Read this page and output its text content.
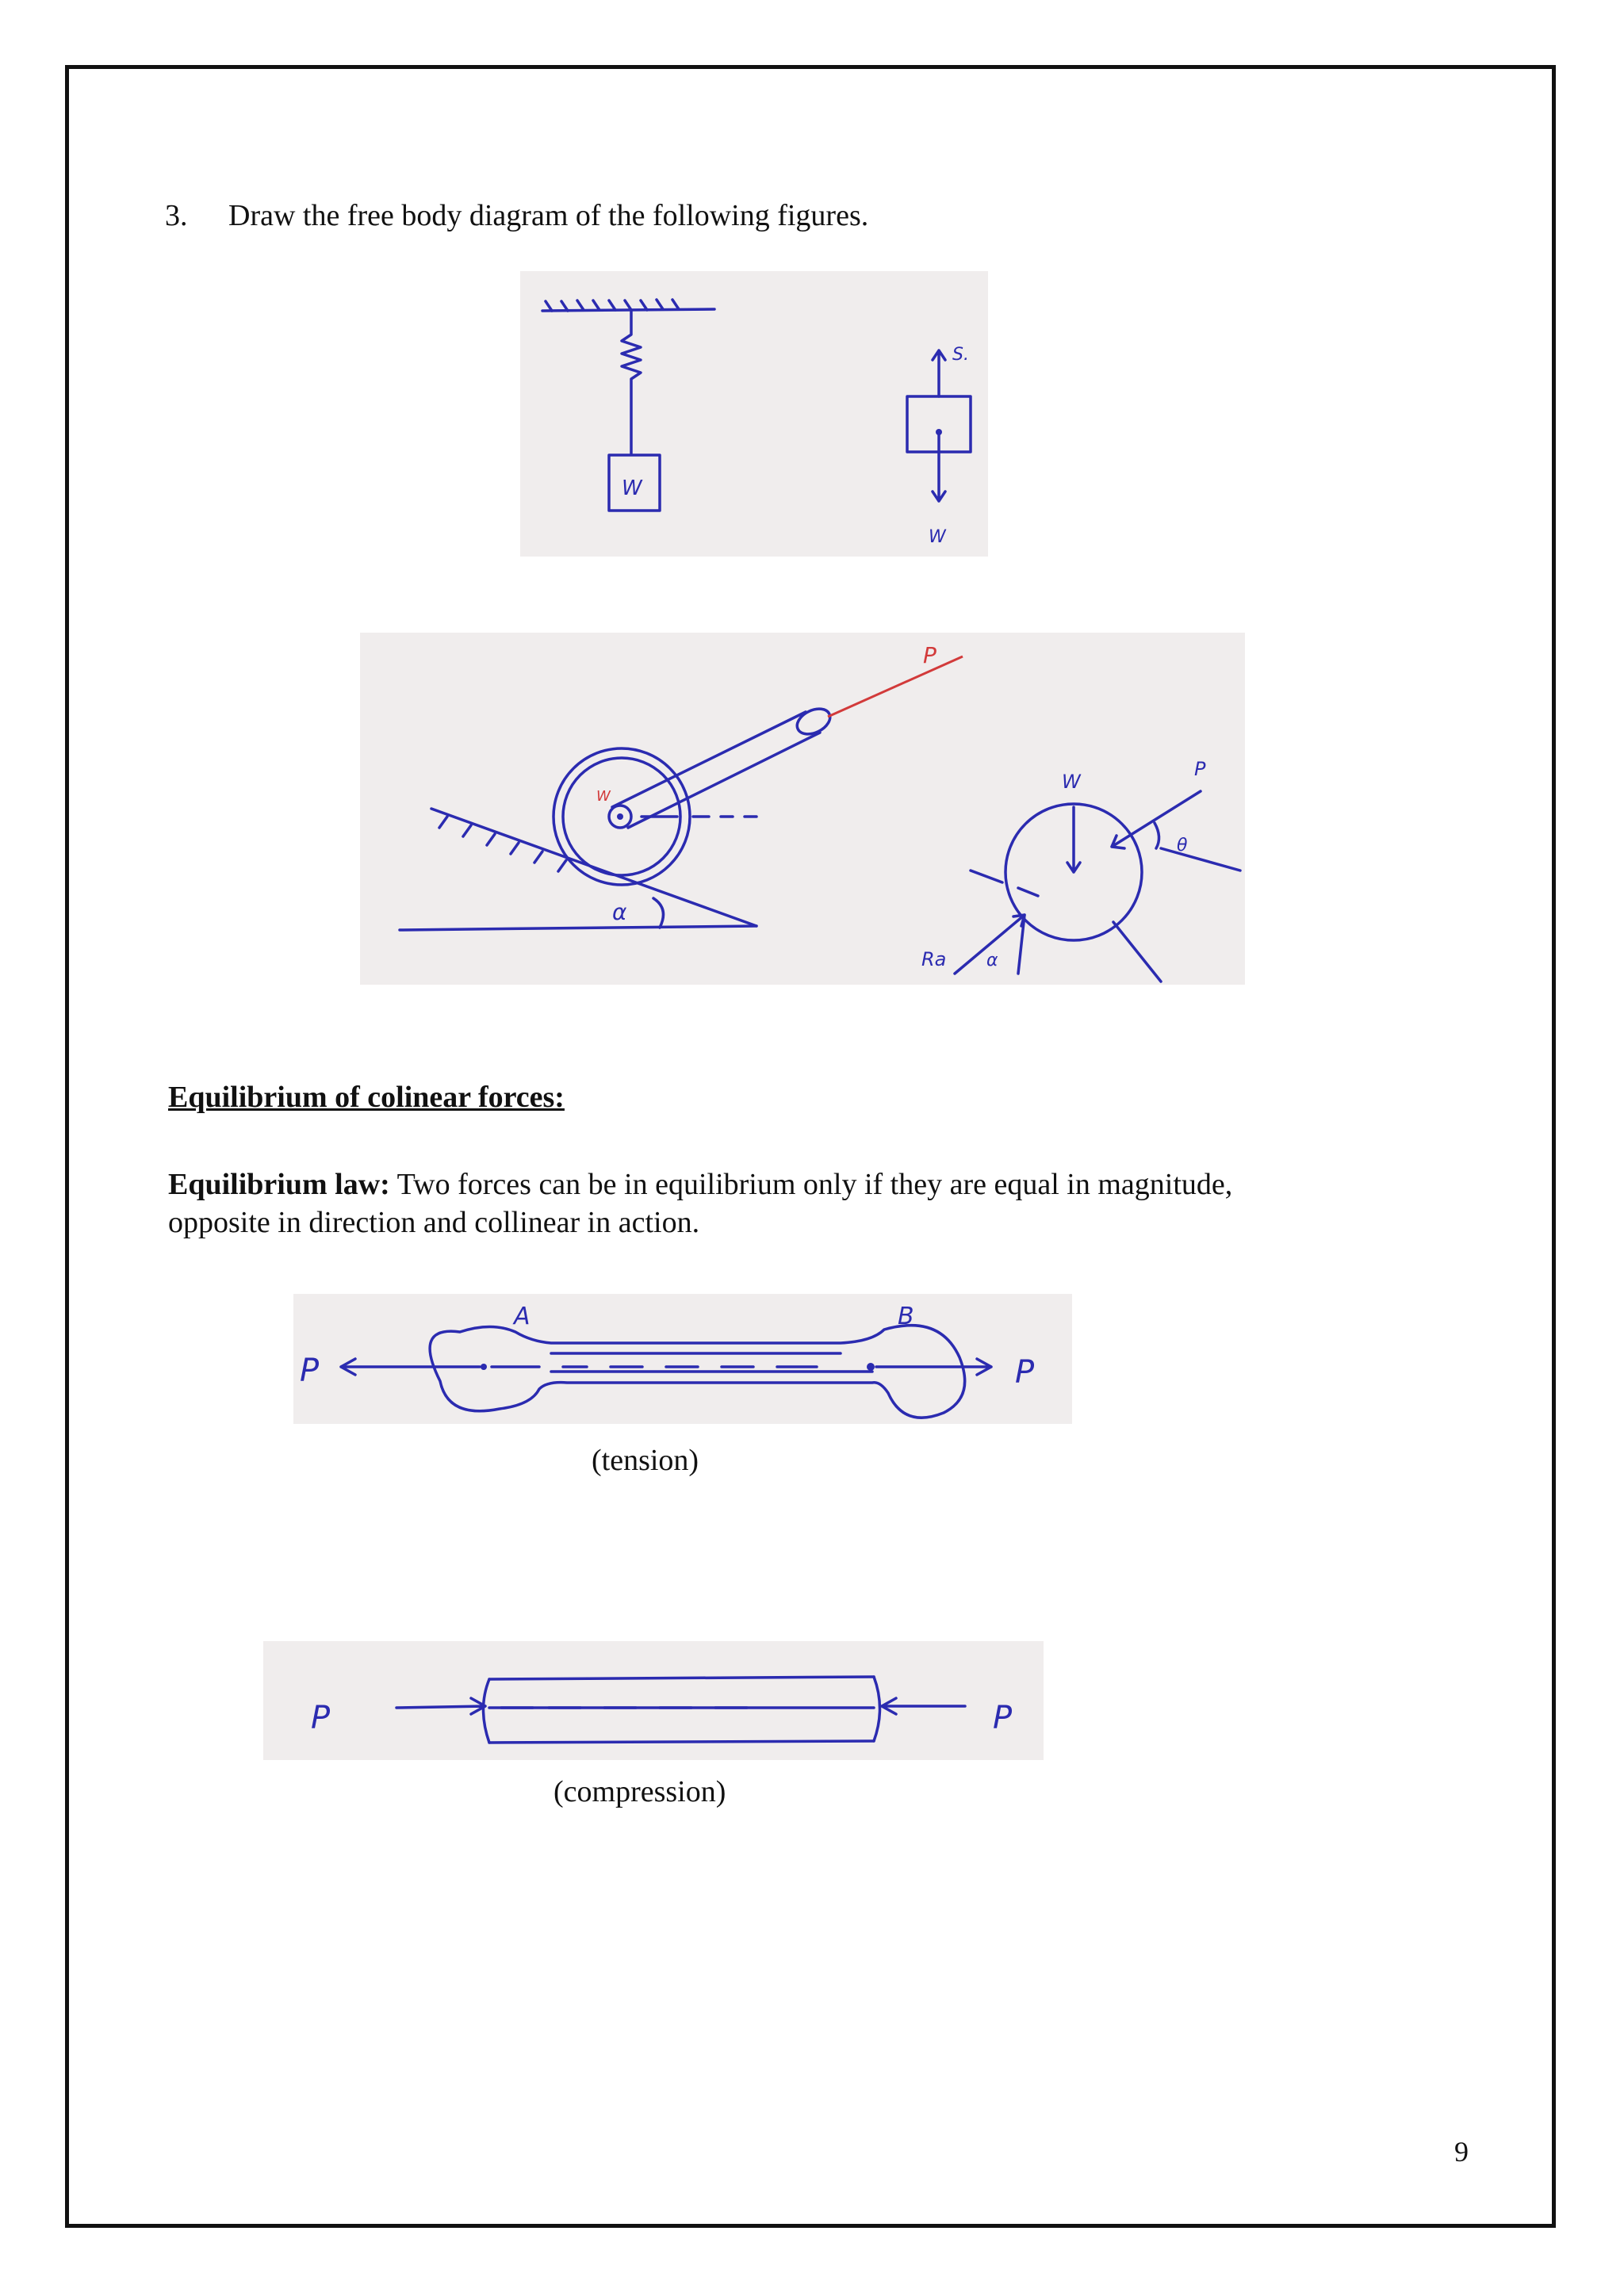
3. Draw the free body diagram of the following figures.
W
S.
W
α
P
W
W
P
θ
Ra α
Equilibrium of colinear forces:
Equilibrium law: Two forces can be in equilibrium only if they are equal in magnitude,
opposite in direction and collinear in action.
P
A	B
P
(tension)
P	P
(compression)
9
